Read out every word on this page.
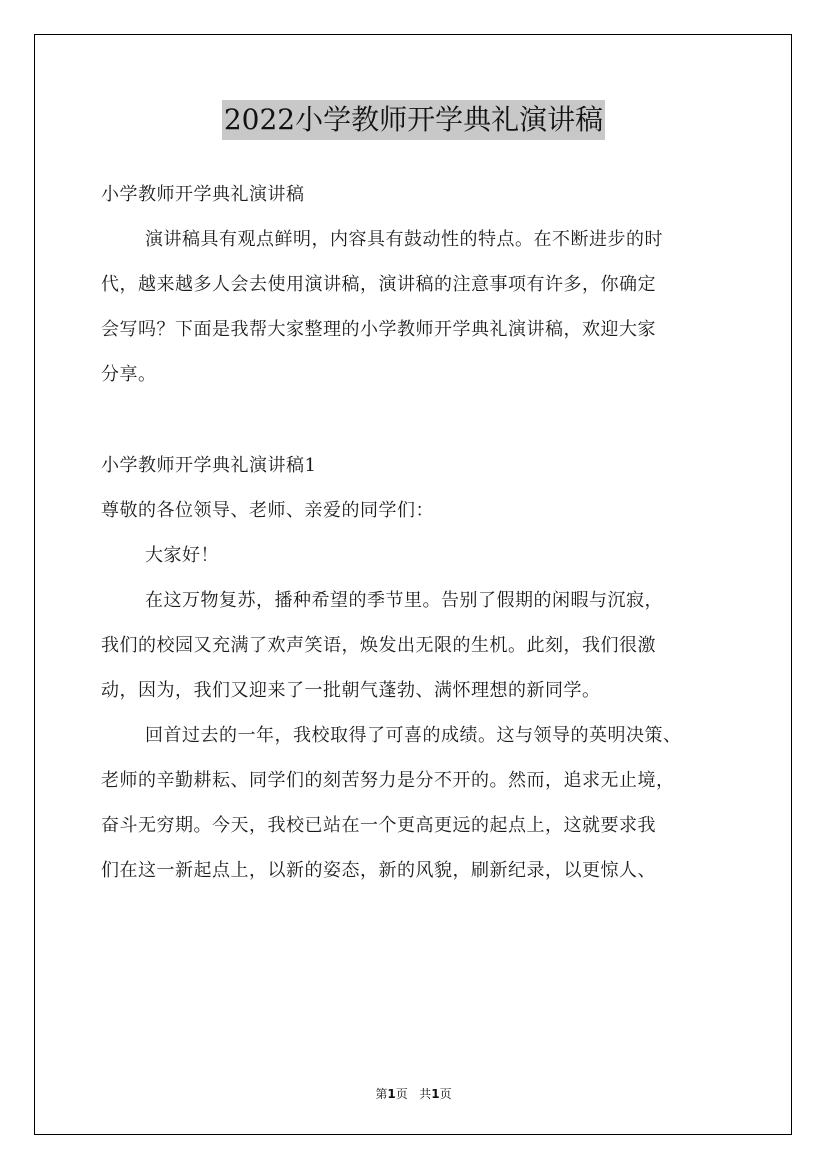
2022小学教师开学典礼演讲稿
小学教师开学典礼演讲稿
演讲稿具有观点鲜明，内容具有鼓动性的特点。在不断进步的时
代，越来越多人会去使用演讲稿，演讲稿的注意事项有许多，你确定
会写吗？下面是我帮大家整理的小学教师开学典礼演讲稿，欢迎大家
分享。
小学教师开学典礼演讲稿1
尊敬的各位领导、老师、亲爱的同学们：
大家好！
在这万物复苏，播种希望的季节里。告别了假期的闲暇与沉寂，
我们的校园又充满了欢声笑语，焕发出无限的生机。此刻，我们很激
动，因为，我们又迎来了一批朝气蓬勃、满怀理想的新同学。
回首过去的一年，我校取得了可喜的成绩。这与领导的英明决策、
老师的辛勤耕耘、同学们的刻苦努力是分不开的。然而，追求无止境，
奋斗无穷期。今天，我校已站在一个更高更远的起点上，这就要求我
们在这一新起点上，以新的姿态，新的风貌，刷新纪录，以更惊人、
第1页 共1页
